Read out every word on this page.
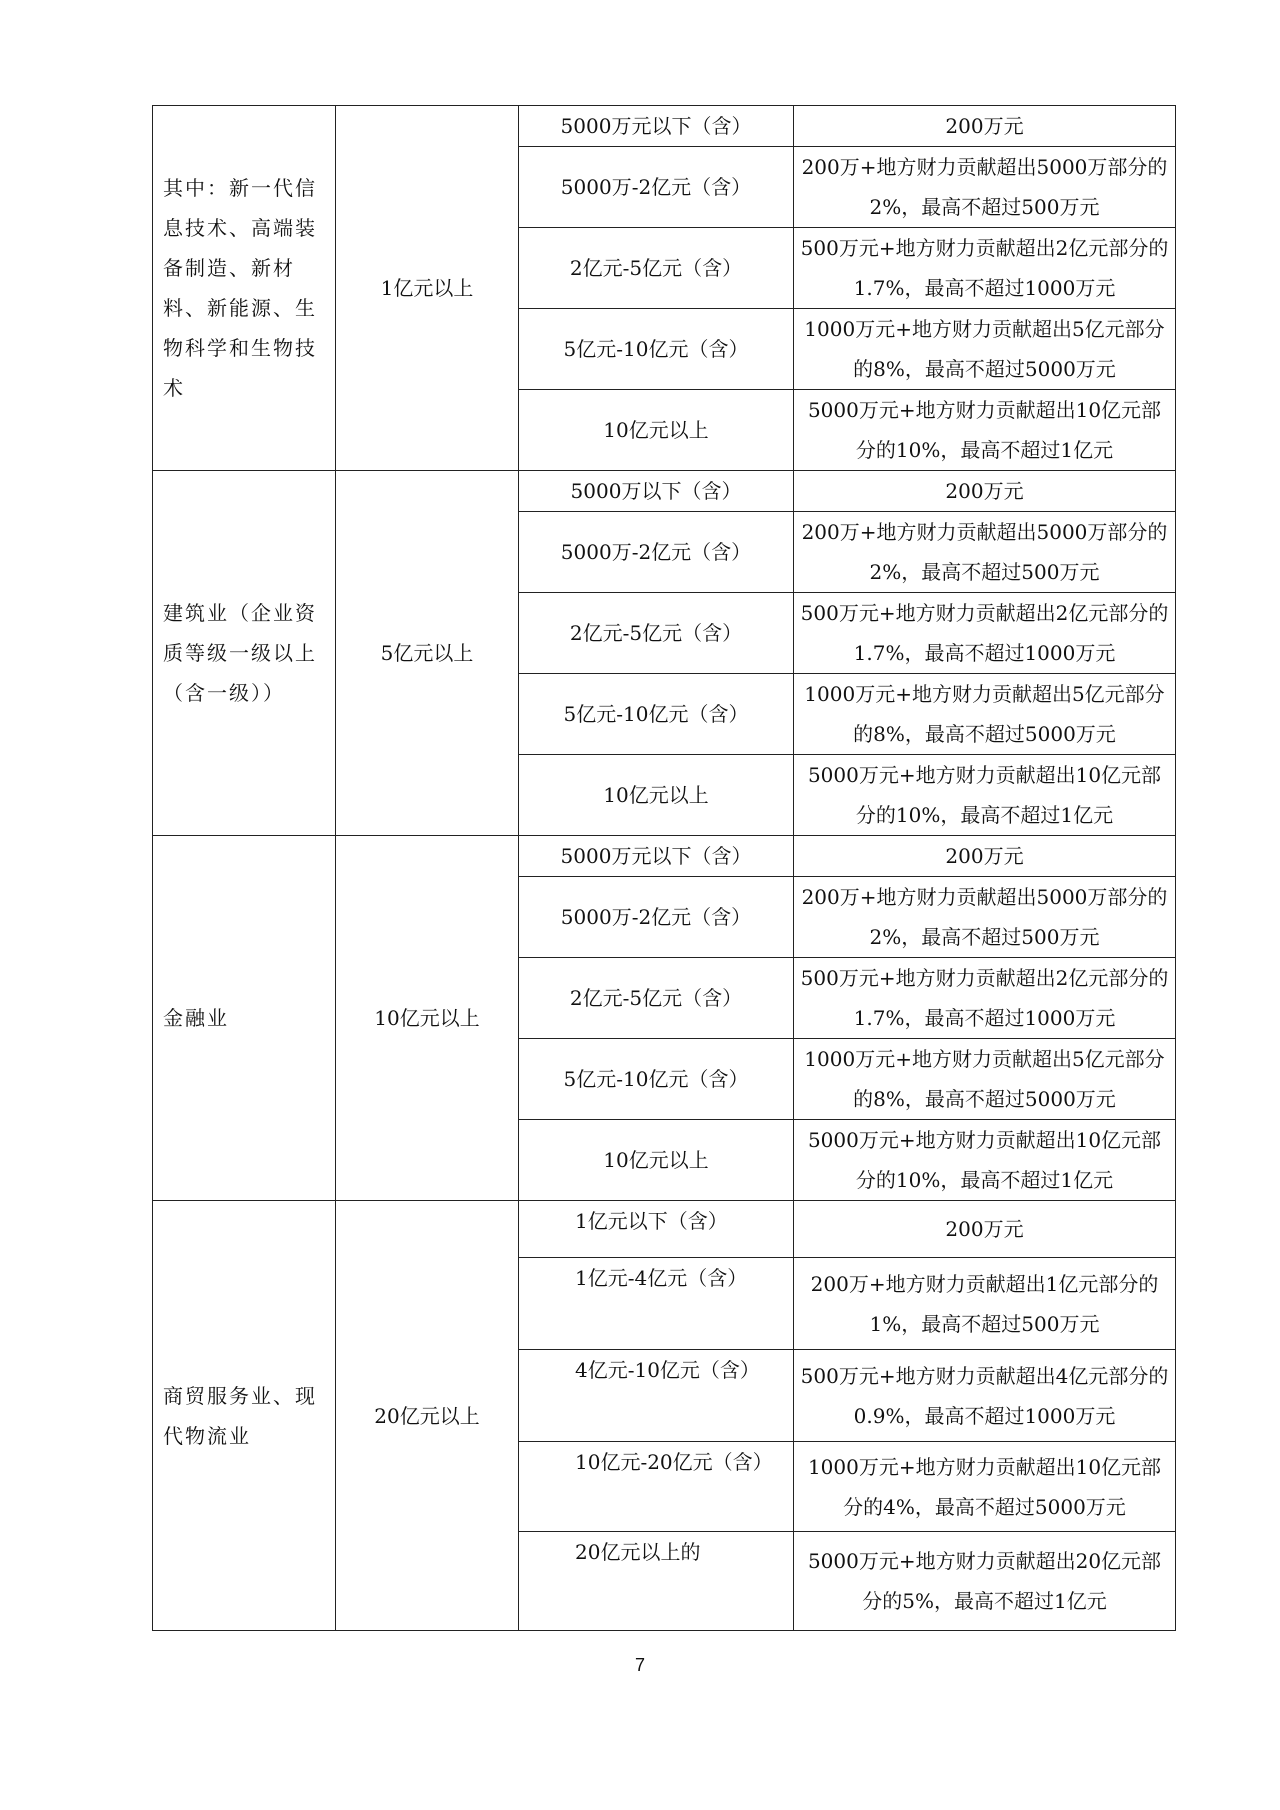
其中：新一代信息技术、高端装备制造、新材料、新能源、生物科学和生物技术	1亿元以上	5000万元以下（含）	200万元
		5000万-2亿元（含）	200万+地方财力贡献超出5000万部分的2%，最高不超过500万元
		2亿元-5亿元（含）	500万元+地方财力贡献超出2亿元部分的1.7%，最高不超过1000万元
		5亿元-10亿元（含）	1000万元+地方财力贡献超出5亿元部分的8%，最高不超过5000万元
		10亿元以上	5000万元+地方财力贡献超出10亿元部分的10%，最高不超过1亿元
建筑业（企业资质等级一级以上（含一级））	5亿元以上	5000万以下（含）	200万元
		5000万-2亿元（含）	200万+地方财力贡献超出5000万部分的2%，最高不超过500万元
		2亿元-5亿元（含）	500万元+地方财力贡献超出2亿元部分的1.7%，最高不超过1000万元
		5亿元-10亿元（含）	1000万元+地方财力贡献超出5亿元部分的8%，最高不超过5000万元
		10亿元以上	5000万元+地方财力贡献超出10亿元部分的10%，最高不超过1亿元
金融业	10亿元以上	5000万元以下（含）	200万元
		5000万-2亿元（含）	200万+地方财力贡献超出5000万部分的2%，最高不超过500万元
		2亿元-5亿元（含）	500万元+地方财力贡献超出2亿元部分的1.7%，最高不超过1000万元
		5亿元-10亿元（含）	1000万元+地方财力贡献超出5亿元部分的8%，最高不超过5000万元
		10亿元以上	5000万元+地方财力贡献超出10亿元部分的10%，最高不超过1亿元
商贸服务业、现代物流业	20亿元以上	1亿元以下（含）	200万元
		1亿元-4亿元（含）	200万+地方财力贡献超出1亿元部分的1%，最高不超过500万元
		4亿元-10亿元（含）	500万元+地方财力贡献超出4亿元部分的0.9%，最高不超过1000万元
		10亿元-20亿元（含）	1000万元+地方财力贡献超出10亿元部分的4%，最高不超过5000万元
		20亿元以上的	5000万元+地方财力贡献超出20亿元部分的5%，最高不超过1亿元
7
